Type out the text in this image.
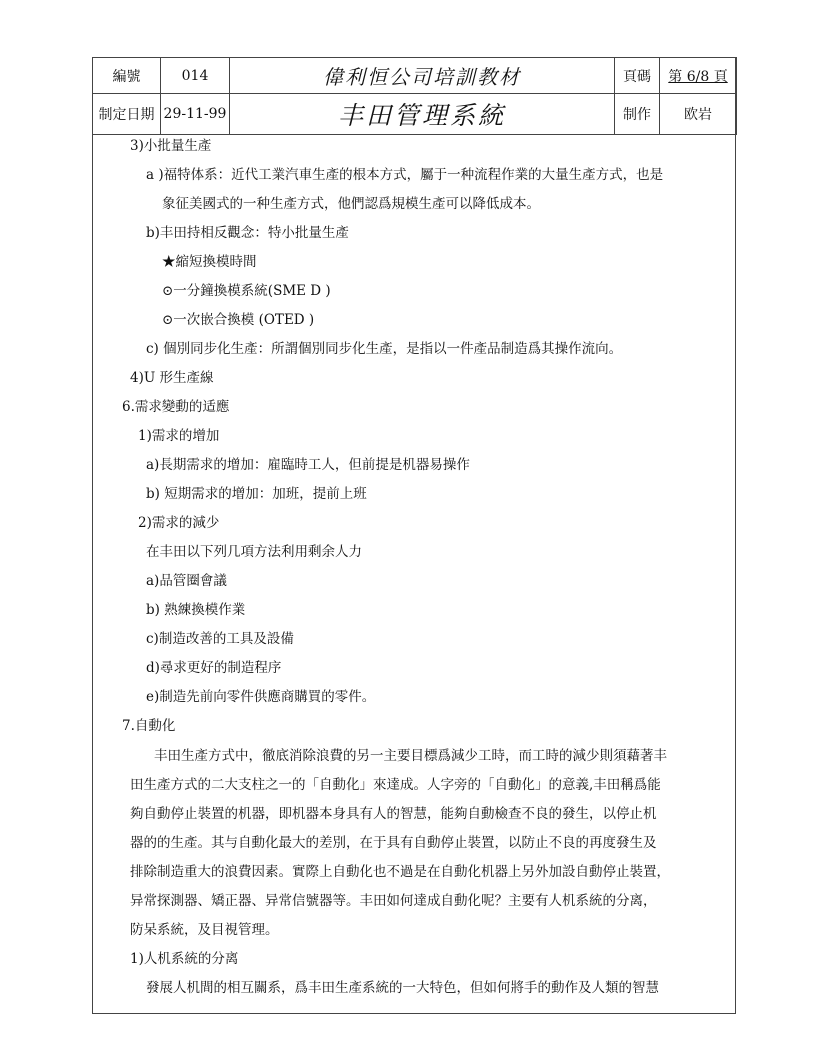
編號	014	偉利恒公司培訓教材	頁碼	第 6/8 頁
制定日期	29-11-99	丰田管理系統	制作	欧岩
3)小批量生產
a )福特体系：近代工業汽車生產的根本方式，屬于一种流程作業的大量生產方式，也是
象征美國式的一种生產方式，他們認爲規模生產可以降低成本。
b)丰田持相反觀念：特小批量生產
★縮短換模時間
⊙一分鐘換模系統(SME D )
⊙一次嵌合換模 (OTED )
c) 個別同步化生產：所謂個別同步化生產，是指以一件產品制造爲其操作流向。
4)U 形生產線
6.需求變動的适應
1)需求的增加
a)長期需求的增加：雇臨時工人，但前提是机器易操作
b) 短期需求的增加：加班，提前上班
2)需求的減少
在丰田以下列几項方法利用剩余人力
a)品管圈會議
b) 熟練換模作業
c)制造改善的工具及設備
d)尋求更好的制造程序
e)制造先前向零件供應商購買的零件。
7.自動化
丰田生產方式中，徹底消除浪費的另一主要目標爲減少工時，而工時的減少則須藉著丰
田生產方式的二大支柱之一的「自動化」來達成。人字旁的「自動化」的意義,丰田稱爲能
夠自動停止裝置的机器，即机器本身具有人的智慧，能夠自動檢查不良的發生，以停止机
器的的生產。其与自動化最大的差別，在于具有自動停止裝置，以防止不良的再度發生及
排除制造重大的浪費因素。實際上自動化也不過是在自動化机器上另外加設自動停止裝置，
异常探測器、矯正器、异常信號器等。丰田如何達成自動化呢？主要有人机系統的分离，
防呆系統，及目視管理。
1)人机系統的分离
發展人机間的相互關系，爲丰田生產系統的一大特色，但如何將手的動作及人類的智慧
